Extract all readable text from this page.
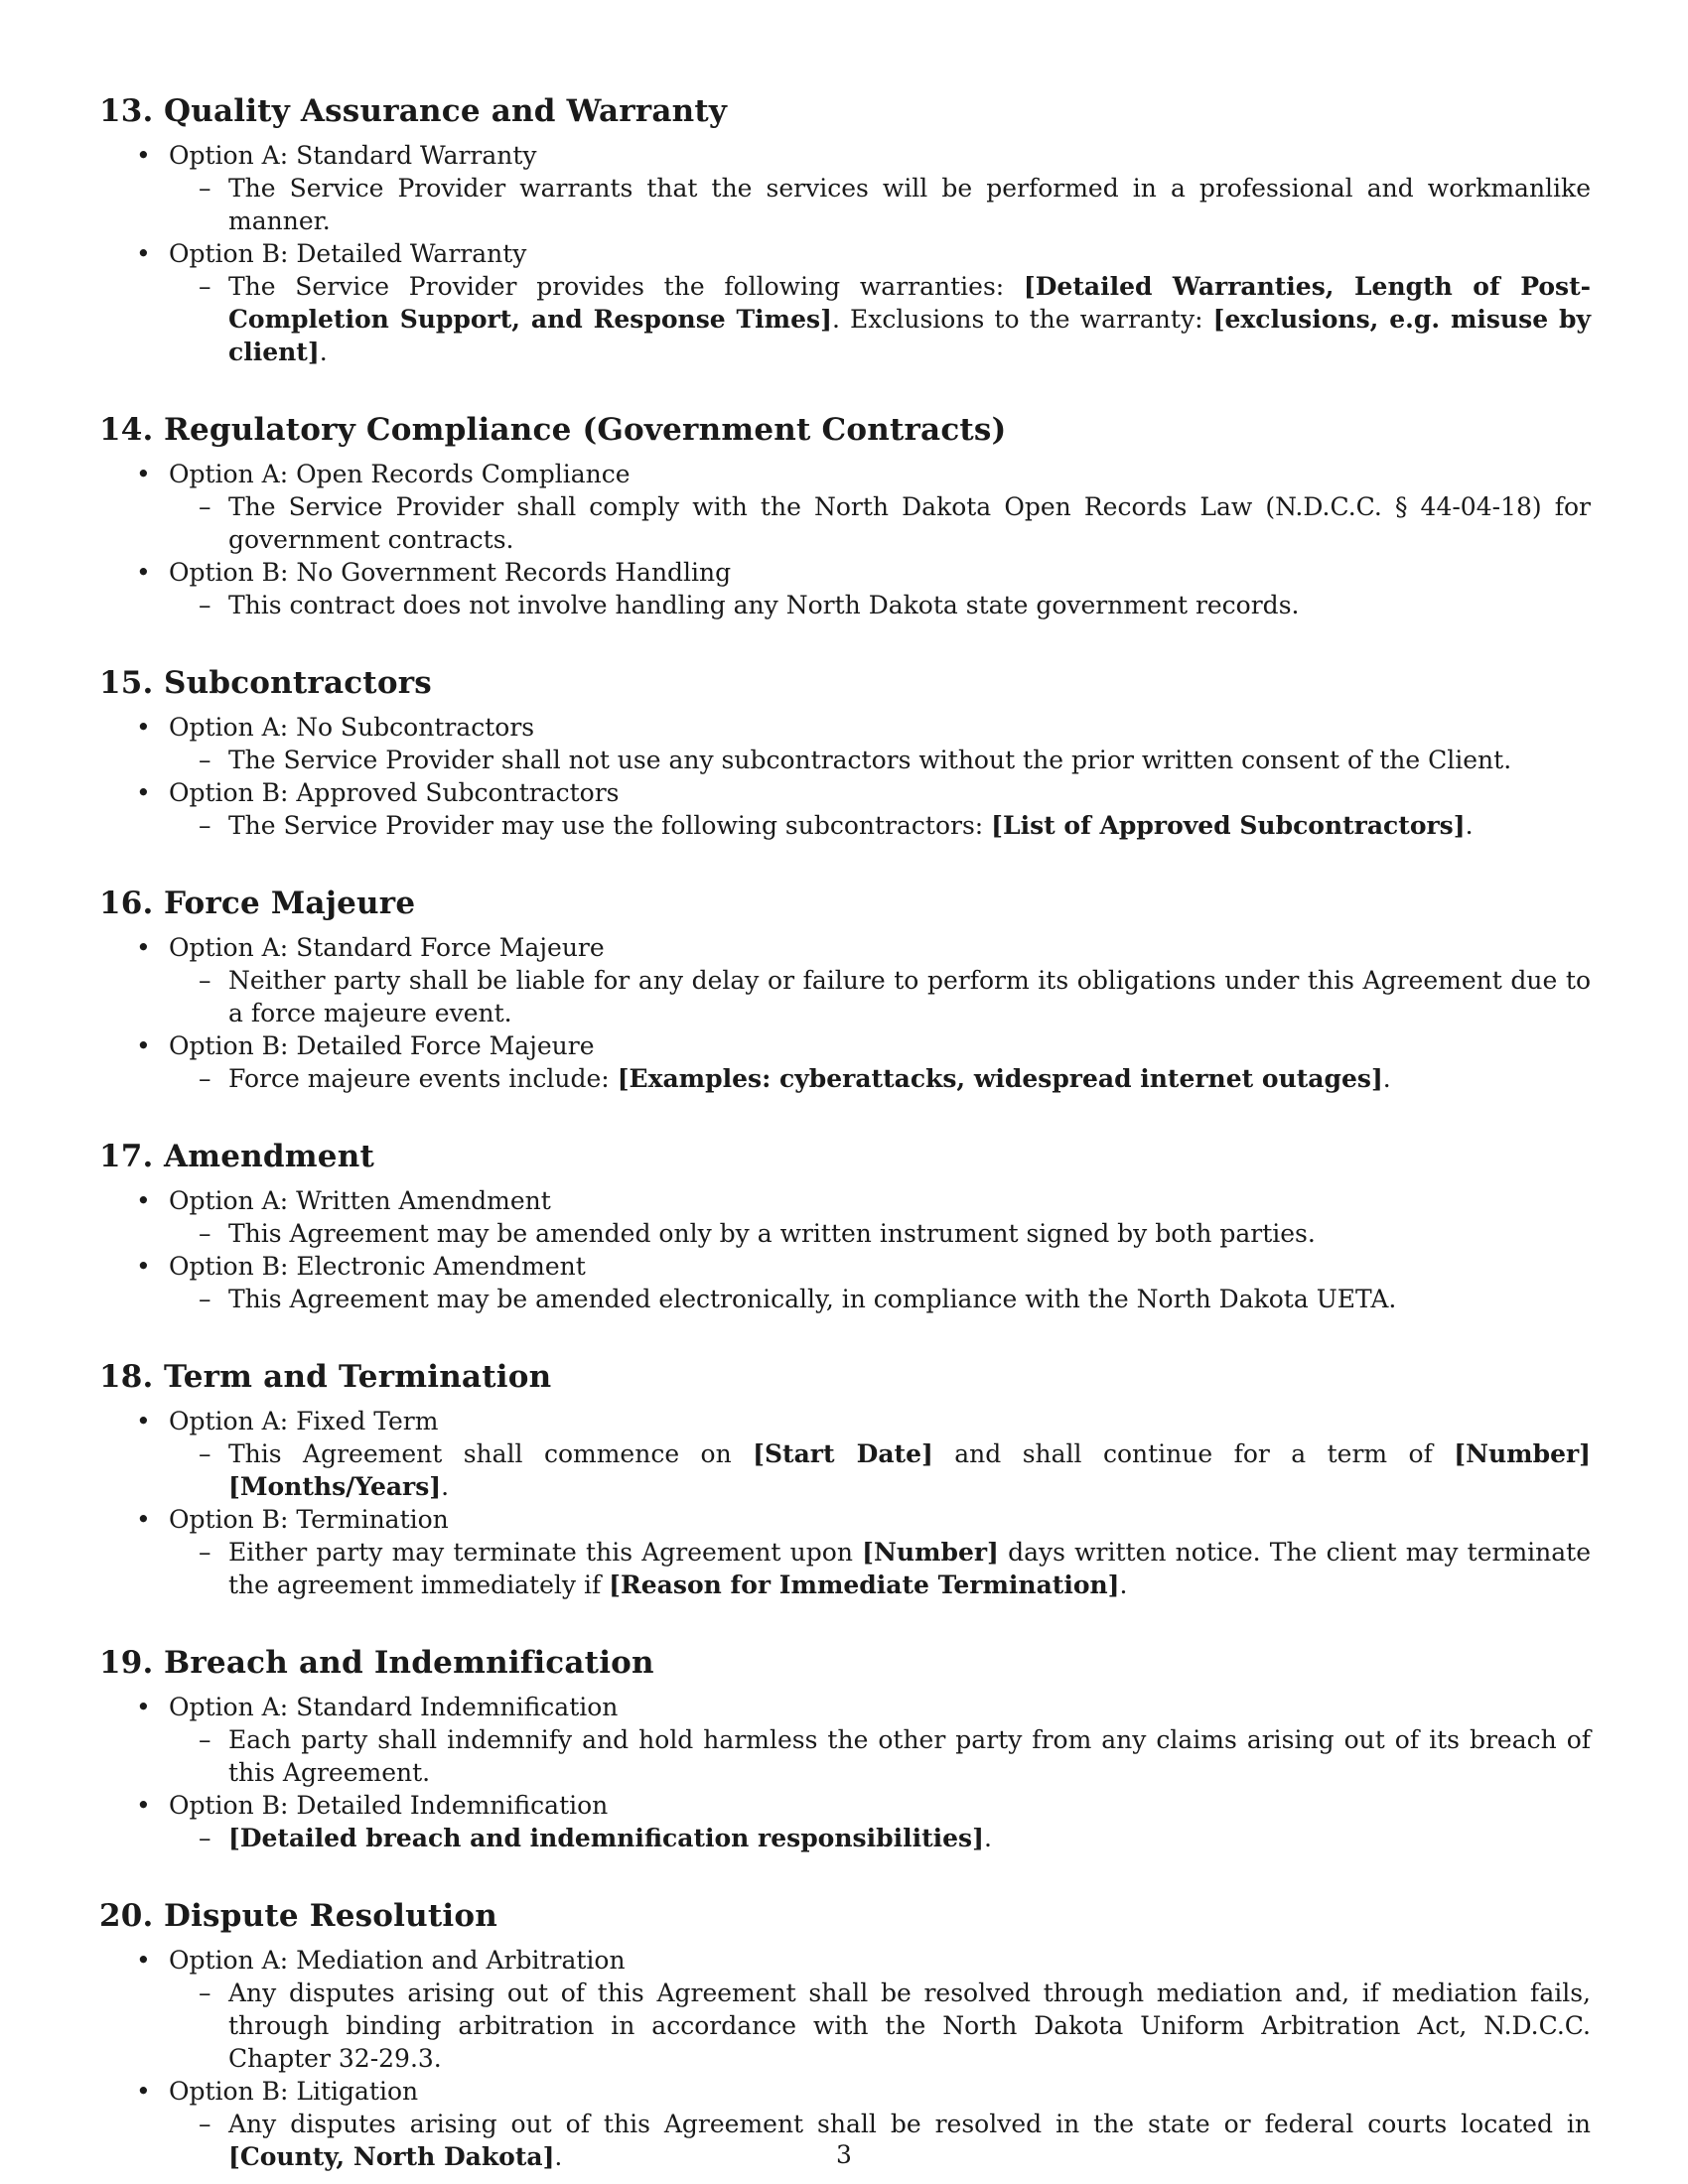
13. Quality Assurance and Warranty
• Option A: Standard Warranty
– The Service Provider warrants that the services will be performed in a professional and workmanlike manner.
• Option B: Detailed Warranty
– The Service Provider provides the following warranties: [Detailed Warranties, Length of Post-Completion Support, and Response Times]. Exclusions to the warranty: [exclusions, e.g. misuse by client].
14. Regulatory Compliance (Government Contracts)
• Option A: Open Records Compliance
– The Service Provider shall comply with the North Dakota Open Records Law (N.D.C.C. § 44-04-18) for government contracts.
• Option B: No Government Records Handling
– This contract does not involve handling any North Dakota state government records.
15. Subcontractors
• Option A: No Subcontractors
– The Service Provider shall not use any subcontractors without the prior written consent of the Client.
• Option B: Approved Subcontractors
– The Service Provider may use the following subcontractors: [List of Approved Subcontractors].
16. Force Majeure
• Option A: Standard Force Majeure
– Neither party shall be liable for any delay or failure to perform its obligations under this Agreement due to a force majeure event.
• Option B: Detailed Force Majeure
– Force majeure events include: [Examples: cyberattacks, widespread internet outages].
17. Amendment
• Option A: Written Amendment
– This Agreement may be amended only by a written instrument signed by both parties.
• Option B: Electronic Amendment
– This Agreement may be amended electronically, in compliance with the North Dakota UETA.
18. Term and Termination
• Option A: Fixed Term
– This Agreement shall commence on [Start Date] and shall continue for a term of [Number] [Months/Years].
• Option B: Termination
– Either party may terminate this Agreement upon [Number] days written notice. The client may terminate the agreement immediately if [Reason for Immediate Termination].
19. Breach and Indemnification
• Option A: Standard Indemnification
– Each party shall indemnify and hold harmless the other party from any claims arising out of its breach of this Agreement.
• Option B: Detailed Indemnification
– [Detailed breach and indemnification responsibilities].
20. Dispute Resolution
• Option A: Mediation and Arbitration
– Any disputes arising out of this Agreement shall be resolved through mediation and, if mediation fails, through binding arbitration in accordance with the North Dakota Uniform Arbitration Act, N.D.C.C. Chapter 32-29.3.
• Option B: Litigation
– Any disputes arising out of this Agreement shall be resolved in the state or federal courts located in [County, North Dakota].	3
